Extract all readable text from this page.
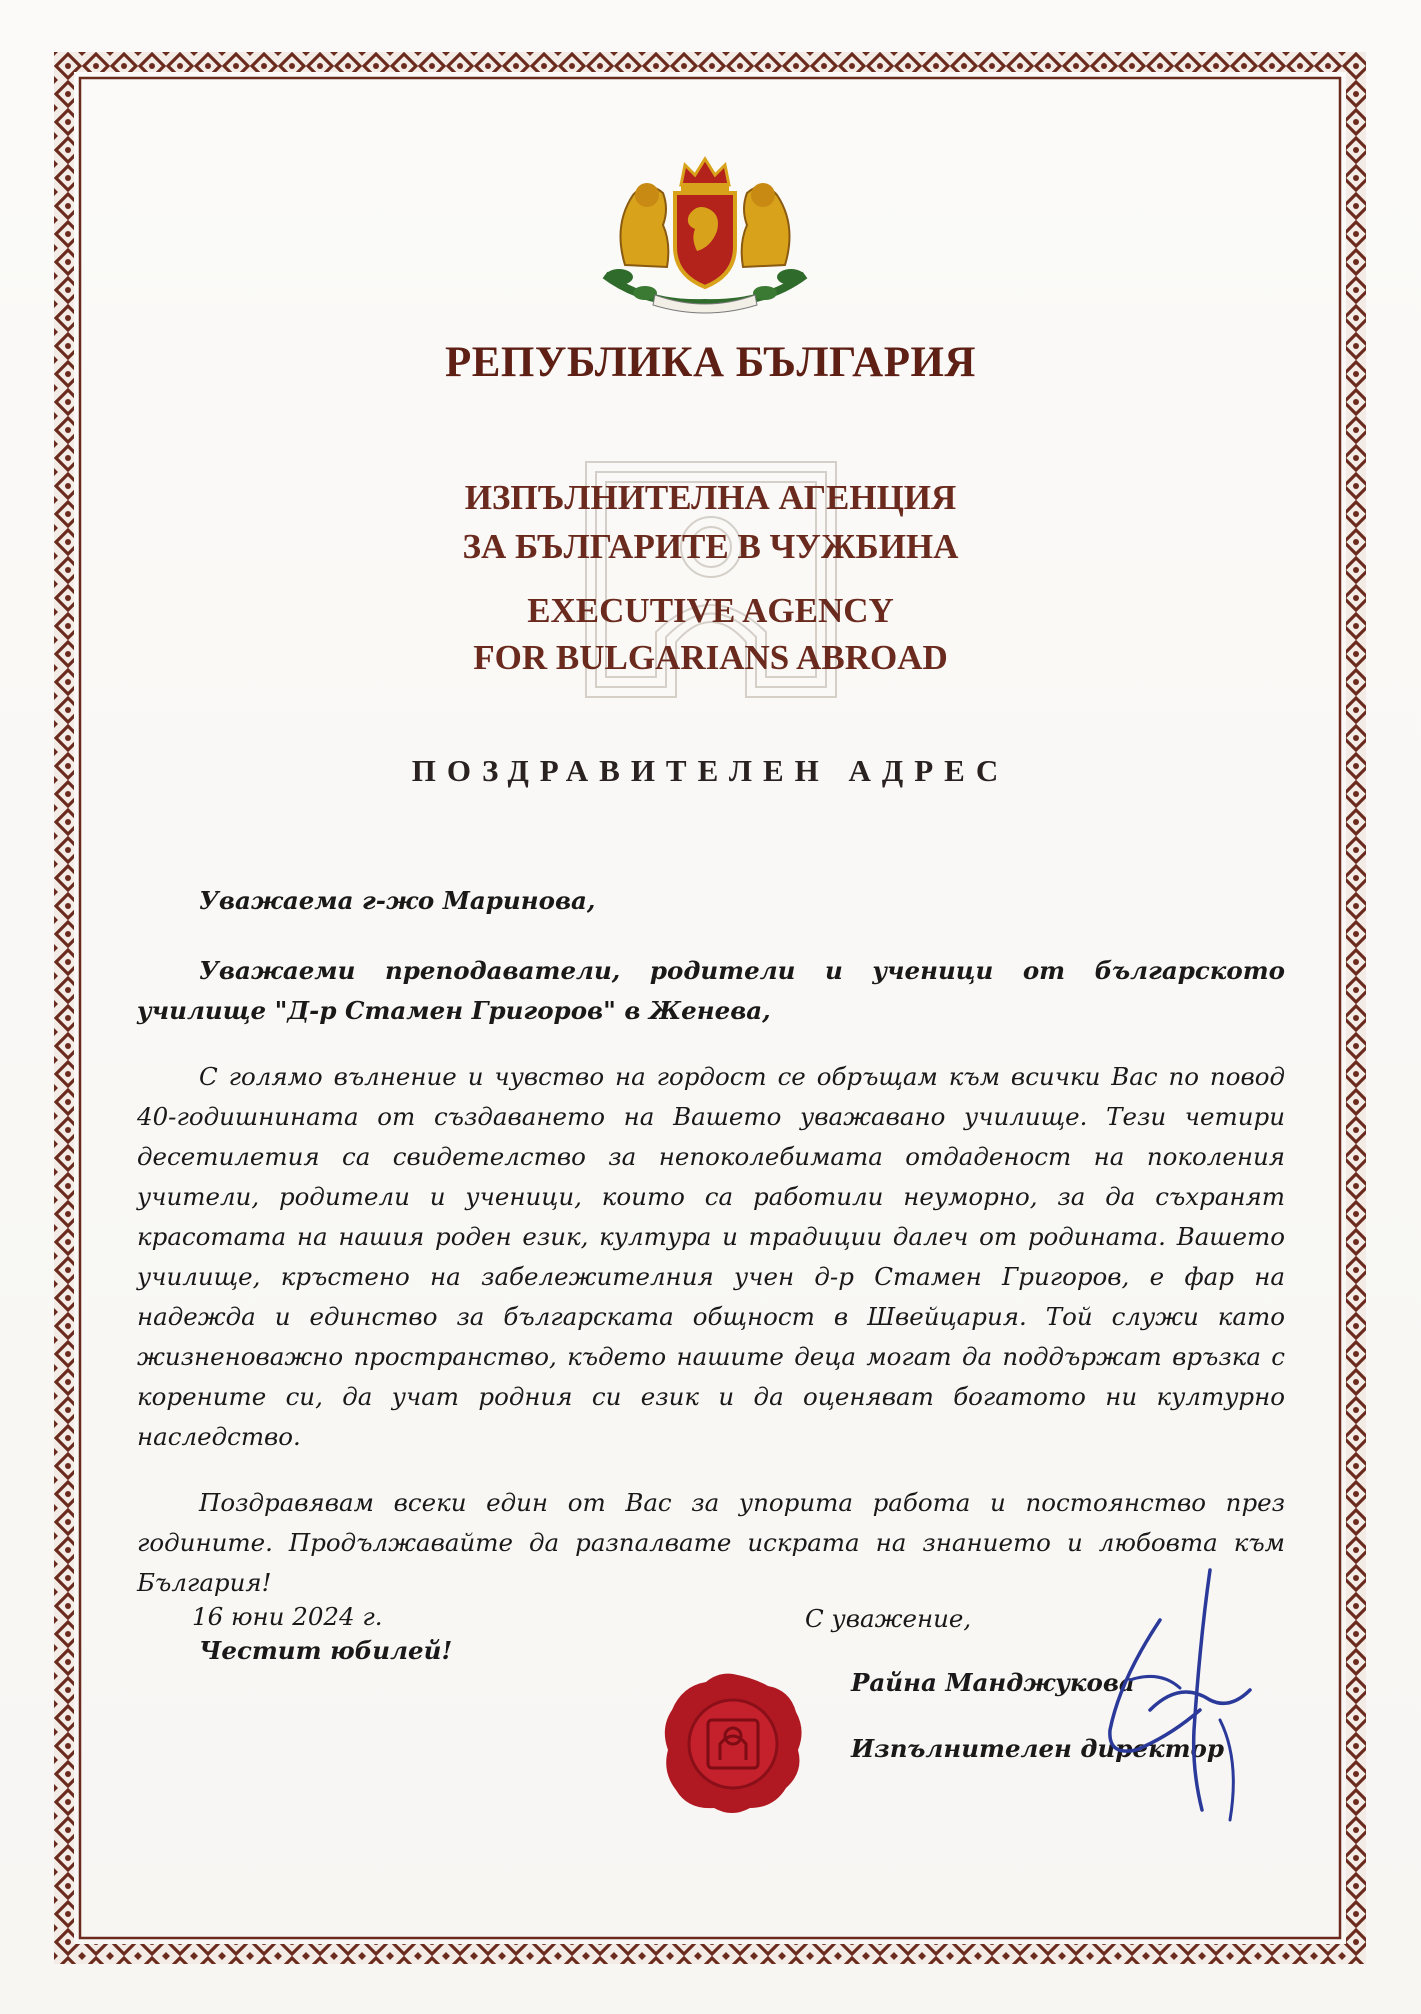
РЕПУБЛИКА БЪЛГАРИЯ
ИЗПЪЛНИТЕЛНА АГЕНЦИЯ
ЗА БЪЛГАРИТЕ В ЧУЖБИНА
EXECUTIVE AGENCY
FOR BULGARIANS ABROAD
ПОЗДРАВИТЕЛЕН АДРЕС
Уважаема г-жо Маринова,
Уважаеми преподаватели, родители и ученици от българското училище "Д-р Стамен Григоров" в Женева,
С голямо вълнение и чувство на гордост се обръщам към всички Вас по повод 40-годишнината от създаването на Вашето уважавано училище. Тези четири десетилетия са свидетелство за непоколебимата отдаденост на поколения учители, родители и ученици, които са работили неуморно, за да съхранят красотата на нашия роден език, култура и традиции далеч от родината. Вашето училище, кръстено на забележителния учен д-р Стамен Григоров, е фар на надежда и единство за българската общност в Швейцария. Той служи като жизненоважно пространство, където нашите деца могат да поддържат връзка с корените си, да учат родния си език и да оценяват богатото ни културно наследство.
Поздравявам всеки един от Вас за упорита работа и постоянство през годините. Продължавайте да разпалвате искрата на знанието и любовта към България!
Честит юбилей!
16 юни 2024 г.	С уважение,
Райна Манджукова
Изпълнителен директор
